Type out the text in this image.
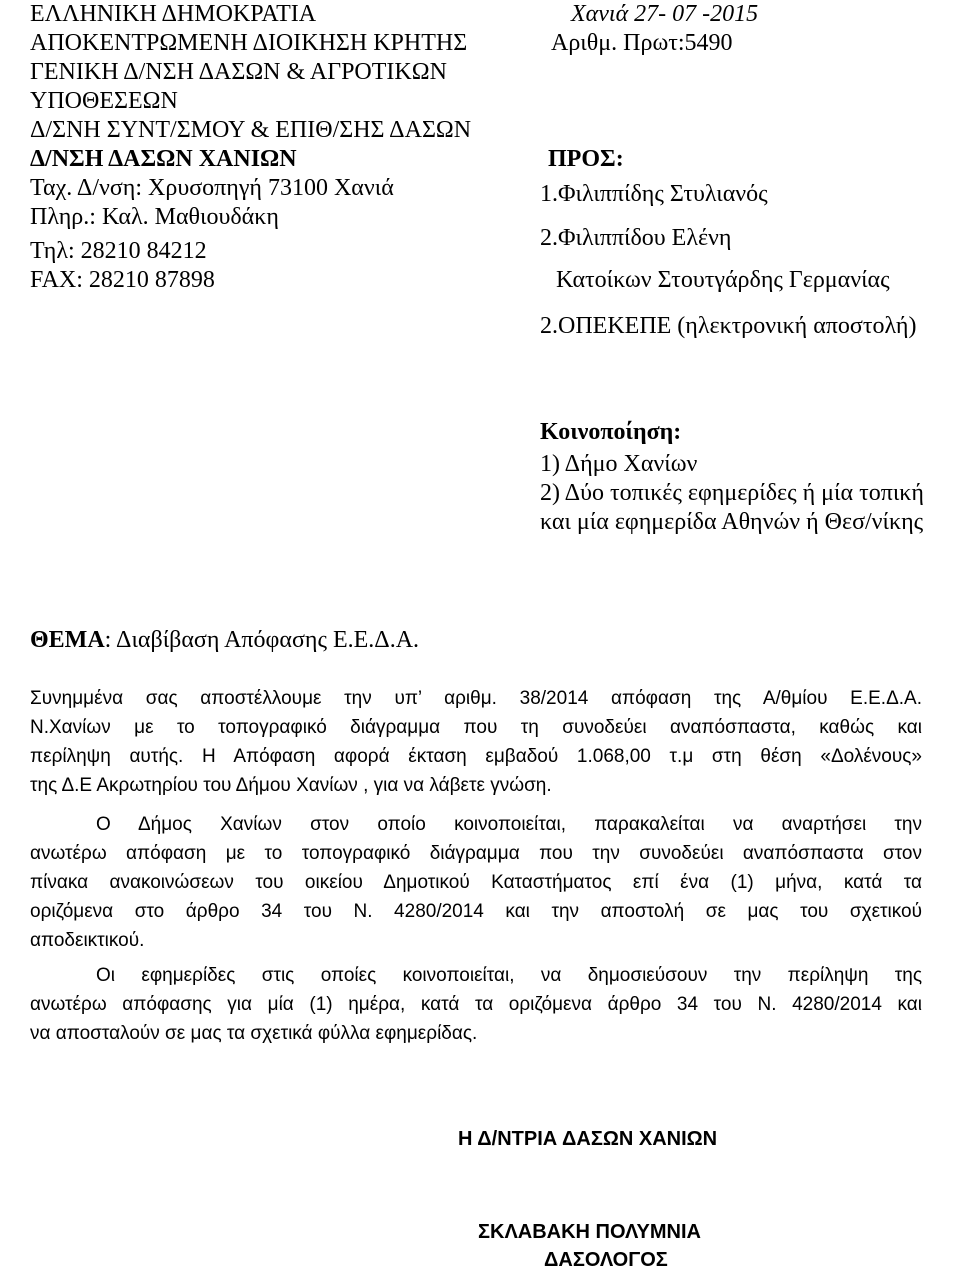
ΕΛΛΗΝΙΚΗ ΔΗΜΟΚΡΑΤΙΑ
ΑΠΟΚΕΝΤΡΩΜΕΝΗ ΔΙΟΙΚΗΣΗ ΚΡΗΤΗΣ
ΓΕΝΙΚΗ Δ/ΝΣΗ ΔΑΣΩΝ & ΑΓΡΟΤΙΚΩΝ
ΥΠΟΘΕΣΕΩΝ
Δ/ΣΝΗ ΣΥΝΤ/ΣΜΟΥ & ΕΠΙΘ/ΣΗΣ ΔΑΣΩΝ
Δ/ΝΣΗ ΔΑΣΩΝ ΧΑΝΙΩΝ
Ταχ. Δ/νση: Χρυσοπηγή 73100 Χανιά
Πληρ.: Καλ. Μαθιουδάκη
Τηλ: 28210 84212
FAX: 28210 87898
Χανιά 27- 07 -2015
Αριθμ. Πρωτ:5490
ΠΡΟΣ:
1.Φιλιππίδης Στυλιανός
2.Φιλιππίδου Ελένη
Κατοίκων Στουτγάρδης Γερμανίας
2.ΟΠΕΚΕΠΕ (ηλεκτρονική αποστολή)
Κοινοποίηση:
1) Δήμο Χανίων
2) Δύο τοπικές εφημερίδες ή μία τοπική
και μία εφημερίδα Αθηνών ή Θεσ/νίκης
ΘΕΜΑ: Διαβίβαση Απόφασης Ε.Ε.Δ.Α.
Συνημμένα σας αποστέλλουμε την υπ’ αριθμ. 38/2014 απόφαση της Α/θμίου Ε.Ε.Δ.Α.
Ν.Χανίων με το τοπογραφικό διάγραμμα που τη συνοδεύει αναπόσπαστα, καθώς και
περίληψη αυτής. Η Απόφαση αφορά έκταση εμβαδού 1.068,00 τ.μ στη θέση «Δολένους»
της Δ.Ε Ακρωτηρίου του Δήμου Χανίων , για να λάβετε γνώση.
Ο Δήμος Χανίων στον οποίο κοινοποιείται, παρακαλείται να αναρτήσει την
ανωτέρω απόφαση με το τοπογραφικό διάγραμμα που την συνοδεύει αναπόσπαστα στον
πίνακα ανακοινώσεων του οικείου Δημοτικού Καταστήματος επί ένα (1) μήνα, κατά τα
οριζόμενα στο άρθρο 34 του Ν. 4280/2014 και την αποστολή σε μας του σχετικού
αποδεικτικού.
Οι εφημερίδες στις οποίες κοινοποιείται, να δημοσιεύσουν την περίληψη της
ανωτέρω απόφασης για μία (1) ημέρα, κατά τα οριζόμενα άρθρο 34 του Ν. 4280/2014 και
να αποσταλούν σε μας τα σχετικά φύλλα εφημερίδας.
Η Δ/ΝΤΡΙΑ ΔΑΣΩΝ ΧΑΝΙΩΝ
ΣΚΛΑΒΑΚΗ ΠΟΛΥΜΝΙΑ
ΔΑΣΟΛΟΓΟΣ
